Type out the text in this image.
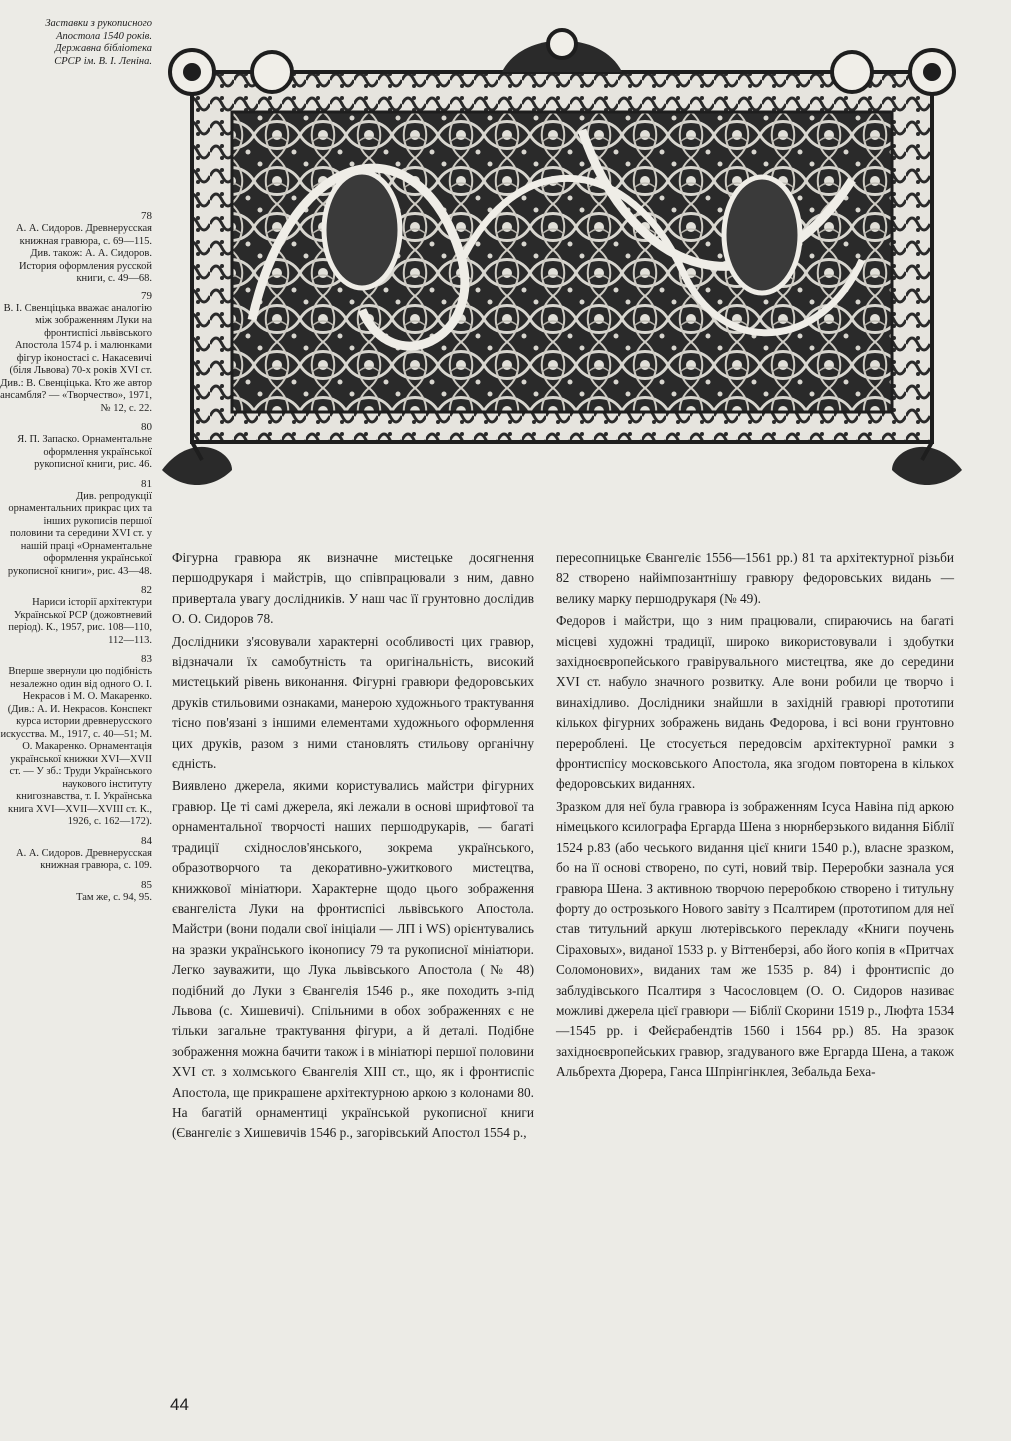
Заставки з рукописного
Апостола 1540 років.
Державна бібліотека
СРСР ім. В. І. Леніна.
78
А. А. Сидоров. Древнерусская книжная гравюра, с. 69—115. Див. також: А. А. Сидоров. История оформления русской книги, с. 49—68.
79
В. І. Свенціцька вважає аналогію між зображенням Луки на фронтиспісі львівського Апостола 1574 р. і малюнками фігур іконостасі с. Накасевичі (біля Львова) 70-х років XVI ст. Див.: В. Свенціцька. Кто же автор ансамбля? — «Творчество», 1971, № 12, с. 22.
80
Я. П. Запаско. Орнаментальне оформлення української рукописної книги, рис. 46.
81
Див. репродукції орнаментальних прикрас цих та інших рукописів першої половини та середини XVI ст. у нашій праці «Орнаментальне оформлення української рукописної книги», рис. 43—48.
82
Нариси історії архітектури Української РСР (дожовтневий період). К., 1957, рис. 108—110, 112—113.
83
Вперше звернули цю подібність незалежно один від одного О. І. Некрасов і М. О. Макаренко. (Див.: А. И. Некрасов. Конспект курса истории древнерусского искусства. М., 1917, с. 40—51; М. О. Макаренко. Орнаментація української книжки XVI—XVII ст. — У зб.: Труди Українського наукового інституту книгознавства, т. І. Українська книга XVI—XVII—XVIII ст. К., 1926, с. 162—172).
84
А. А. Сидоров. Древнерусская книжная гравюра, с. 109.
85
Там же, с. 94, 95.

Фігурна гравюра як визначне мистецьке досягнення першодрукаря і майстрів, що співпрацювали з ним, давно привертала увагу дослідників. У наш час її грунтовно дослідив О. О. Сидоров 78.

Дослідники з'ясовували характерні особливості цих гравюр, відзначали їх самобутність та оригінальність, високий мистецький рівень виконання. Фігурні гравюри федоровських друків стильовими ознаками, манерою художнього трактування тісно пов'язані з іншими елементами художнього оформлення цих друків, разом з ними становлять стильову органічну єдність.

Виявлено джерела, якими користувались майстри фігурних гравюр. Це ті самі джерела, які лежали в основі шрифтової та орнаментальної творчості наших першодрукарів, — багаті традиції східнослов'янського, зокрема українського, образотворчого та декоративно-ужиткового мистецтва, книжкової мініатюри. Характерне щодо цього зображення євангеліста Луки на фронтиспісі львівського Апостола. Майстри (вони подали свої ініціали — ЛП і WS) орієнтувались на зразки українського іконопису 79 та рукописної мініатюри. Легко зауважити, що Лука львівського Апостола (№ 48) подібний до Луки з Євангелія 1546 р., яке походить з-під Львова (с. Хишевичі). Спільними в обох зображеннях є не тільки загальне трактування фігури, а й деталі. Подібне зображення можна бачити також і в мініатюрі першої половини XVI ст. з холмського Євангелія XIII ст., що, як і фронтиспіс Апостола, ще прикрашене архітектурною аркою з колонами 80. На багатій орнаментиці українськой рукописної книги (Євангеліє з Хишевичів 1546 р., загорівський Апостол 1554 р.,

пересопницьке Євангеліє 1556—1561 рр.) 81 та архітектурної різьби 82 створено найімпозантнішу гравюру федоровських видань — велику марку першодрукаря (№ 49).

Федоров і майстри, що з ним працювали, спираючись на багаті місцеві художні традиції, широко використовували і здобутки західноєвропейського гравірувального мистецтва, яке до середини XVI ст. набуло значного розвитку. Але вони робили це творчо і винахідливо. Дослідники знайшли в західній гравюрі прототипи кількох фігурних зображень видань Федорова, і всі вони грунтовно перероблені. Це стосується передовсім архітектурної рамки з фронтиспісу московського Апостола, яка згодом повторена в кількох федоровських виданнях.

Зразком для неї була гравюра із зображенням Ісуса Навіна під аркою німецького ксилографа Ергарда Шена з нюрнберзького видання Біблії 1524 р.83 (або чеського видання цієї книги 1540 р.), власне зразком, бо на її основі створено, по суті, новий твір. Переробки зазнала уся гравюра Шена. З активною творчою переробкою створено і титульну форту до острозького Нового завіту з Псалтирем (прототипом для неї став титульний аркуш лютерівського перекладу «Книги поучень Сіраховых», виданої 1533 р. у Віттенберзі, або його копія в «Притчах Соломонових», виданих там же 1535 р. 84) і фронтиспіс до заблудівського Псалтиря з Часословцем (О. О. Сидоров називає можливі джерела цієї гравюри — Біблії Скорини 1519 р., Люфта 1534—1545 рр. і Фейєрабендтів 1560 і 1564 рр.) 85. На зразок західноєвропейських гравюр, згадуваного вже Ергарда Шена, а також Альбрехта Дюрера, Ганса Шпрінгінклея, Зебальда Беха-

44
